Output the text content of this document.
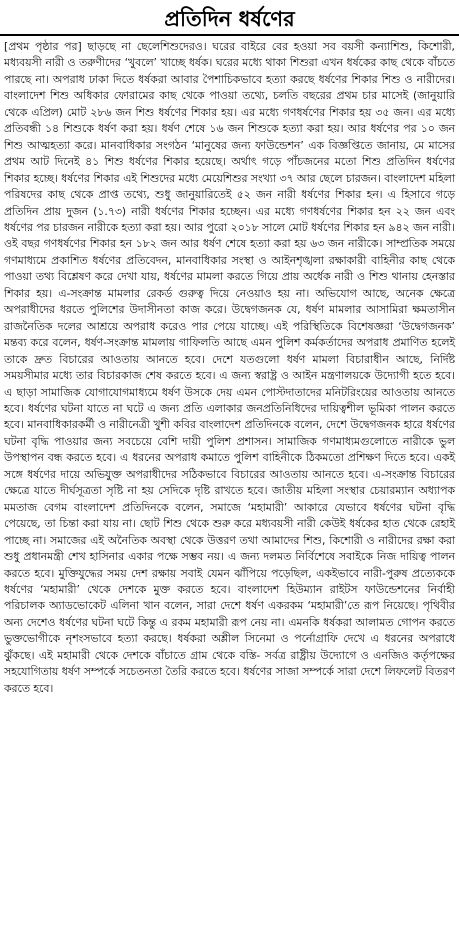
প্রতিদিন ধর্ষণের

[প্রথম পৃষ্ঠার পর] ছাড়ছে না ছেলেশিশুদেরও। ঘরের বাইরে বের হওয়া সব বয়সী কন্যাশিশু, কিশোরী, মধ্যবয়সী নারী ও তরুণীদের ‘খুবলে’ খাচ্ছে ধর্ষক। ঘরের মধ্যে থাকা শিশুরা এখন ধর্ষকের কাছ থেকে বাঁচতে পারছে না। অপরাধ ঢাকা দিতে ধর্ষকরা আবার পৈশাচিকভাবে হত্যা করছে ধর্ষণের শিকার শিশু ও নারীদের। বাংলাদেশ শিশু অধিকার ফোরামের কাছ থেকে পাওয়া তথ্যে, চলতি বছরের প্রথম চার মাসেই (জানুয়ারি থেকে এপ্রিল) মোট ২৮৬ জন শিশু ধর্ষণের শিকার হয়। এর মধ্যে গণধর্ষণের শিকার হয় ৩৫ জন। এর মধ্যে প্রতিবন্ধী ১৪ শিশুকে ধর্ষণ করা হয়। ধর্ষণ শেষে ১৬ জন শিশুকে হত্যা করা হয়। আর ধর্ষণের পর ১০ জন শিশু আত্মহত্যা করে। মানবাধিকার সংগঠন ‘মানুষের জন্য ফাউন্ডেশন’ এক বিজ্ঞপ্তিতে জানায়, মে মাসের প্রথম আট দিনেই ৪১ শিশু ধর্ষণের শিকার হয়েছে। অর্থাৎ গড়ে পাঁচজনের মতো শিশু প্রতিদিন ধর্ষণের শিকার হচ্ছে। ধর্ষণের শিকার এই শিশুদের মধ্যে মেয়েশিশুর সংখ্যা ৩৭ আর ছেলে চারজন। বাংলাদেশ মহিলা পরিষদের কাছ থেকে প্রাপ্ত তথ্যে, শুধু জানুয়ারিতেই ৫২ জন নারী ধর্ষণের শিকার হন। এ হিসাবে গড়ে প্রতিদিন প্রায় দুজন (১.৭৩) নারী ধর্ষণের শিকার হচ্ছেন। এর মধ্যে গণধর্ষণের শিকার হন ২২ জন এবং ধর্ষণের পর চারজন নারীকে হত্যা করা হয়। আর পুরো ২০১৮ সালে মোট ধর্ষণের শিকার হন ৯৪২ জন নারী। ওই বছর গণধর্ষণের শিকার হন ১৮২ জন আর ধর্ষণ শেষে হত্যা করা হয় ৬৩ জন নারীকে। সাম্প্রতিক সময়ে গণমাধ্যমে প্রকাশিত ধর্ষণের প্রতিবেদন, মানবাধিকার সংস্থা ও আইনশৃঙ্খলা রক্ষাকারী বাহিনীর কাছ থেকে পাওয়া তথ্য বিশ্লেষণ করে দেখা যায়, ধর্ষণের মামলা করতে গিয়ে প্রায় অর্ধেক নারী ও শিশু থানায় হেনস্তার শিকার হয়। এ-সংক্রান্ত মামলার রেকর্ড গুরুত্ব দিয়ে নেওয়াও হয় না। অভিযোগ আছে, অনেক ক্ষেত্রে অপরাধীদের ধরতে পুলিশের উদাসীনতা কাজ করে। উদ্বেগজনক যে, ধর্ষণ মামলার আসামিরা ক্ষমতাসীন রাজনৈতিক দলের আশ্রয়ে অপরাধ করেও পার পেয়ে যাচ্ছে। এই পরিস্থিতিকে বিশেষজ্ঞরা ‘উদ্বেগজনক’ মন্তব্য করে বলেন, ধর্ষণ-সংক্রান্ত মামলায় গাফিলতি আছে এমন পুলিশ কর্মকর্তাদের অপরাধ প্রমাণিত হলেই তাকে দ্রুত বিচারের আওতায় আনতে হবে। দেশে যতগুলো ধর্ষণ মামলা বিচারাধীন আছে, নির্দিষ্ট সময়সীমার মধ্যে তার বিচারকাজ শেষ করতে হবে। এ জন্য স্বরাষ্ট্র ও আইন মন্ত্রণালয়কে উদ্যোগী হতে হবে। এ ছাড়া সামাজিক যোগাযোগমাধ্যমে ধর্ষণ উসকে দেয় এমন পোস্টদাতাদের মনিটরিংয়ের আওতায় আনতে হবে। ধর্ষণের ঘটনা যাতে না ঘটে এ জন্য প্রতি এলাকার জনপ্রতিনিধিদের দায়িত্বশীল ভূমিকা পালন করতে হবে। মানবাধিকারকর্মী ও নারীনেত্রী খুশী কবির বাংলাদেশ প্রতিদিনকে বলেন, দেশে উদ্বেগজনক হারে ধর্ষণের ঘটনা বৃদ্ধি পাওয়ার জন্য সবচেয়ে বেশি দায়ী পুলিশ প্রশাসন। সামাজিক গণমাধ্যমগুলোতে নারীকে ভুল উপস্থাপন বন্ধ করতে হবে। এ ধরনের অপরাধ কমাতে পুলিশ বাহিনীকে ঠিকমতো প্রশিক্ষণ দিতে হবে। একই সঙ্গে ধর্ষণের দায়ে অভিযুক্ত অপরাধীদের সঠিকভাবে বিচারের আওতায় আনতে হবে। এ-সংক্রান্ত বিচারের ক্ষেত্রে যাতে দীর্ঘসূত্রতা সৃষ্টি না হয় সেদিকে দৃষ্টি রাখতে হবে। জাতীয় মহিলা সংস্থার চেয়ারম্যান অধ্যাপক মমতাজ বেগম বাংলাদেশ প্রতিদিনকে বলেন, সমাজে ‘মহামারী’ আকারে যেভাবে ধর্ষণের ঘটনা বৃদ্ধি পেয়েছে, তা চিন্তা করা যায় না। ছোট শিশু থেকে শুরু করে মধ্যবয়সী নারী কেউই ধর্ষকের হাত থেকে রেহাই পাচ্ছে না। সমাজের এই অনৈতিক অবস্থা থেকে উত্তরণ তথা আমাদের শিশু, কিশোরী ও নারীদের রক্ষা করা শুধু প্রধানমন্ত্রী শেখ হাসিনার একার পক্ষে সম্ভব নয়। এ জন্য দলমত নির্বিশেষে সবাইকে নিজ দায়িত্ব পালন করতে হবে। মুক্তিযুদ্ধের সময় দেশ রক্ষায় সবাই যেমন ঝাঁপিয়ে পড়েছিল, একইভাবে নারী-পুরুষ প্রত্যেককে ধর্ষণের ‘মহামারী’ থেকে দেশকে মুক্ত করতে হবে। বাংলাদেশ হিউম্যান রাইটস ফাউন্ডেশনের নির্বাহী পরিচালক অ্যাডভোকেট এলিনা খান বলেন, সারা দেশে ধর্ষণ একরকম ‘মহামারী’তে রূপ নিয়েছে। পৃথিবীর অন্য দেশেও ধর্ষণের ঘটনা ঘটে কিন্তু এ রকম মহামারী রূপ নেয় না। এমনকি ধর্ষকরা আলামত গোপন করতে ভুক্তভোগীকে নৃশংসভাবে হত্যা করছে। ধর্ষকরা অশ্লীল সিনেমা ও পর্নোগ্রাফি দেখে এ ধরনের অপরাধে ঝুঁকছে। এই মহামারী থেকে দেশকে বাঁচাতে গ্রাম থেকে বস্তি- সর্বত্র রাষ্ট্রীয় উদ্যোগে ও এনজিও কর্তৃপক্ষের সহযোগিতায় ধর্ষণ সম্পর্কে সচেতনতা তৈরি করতে হবে। ধর্ষণের সাজা সম্পর্কে সারা দেশে লিফলেট বিতরণ করতে হবে।
